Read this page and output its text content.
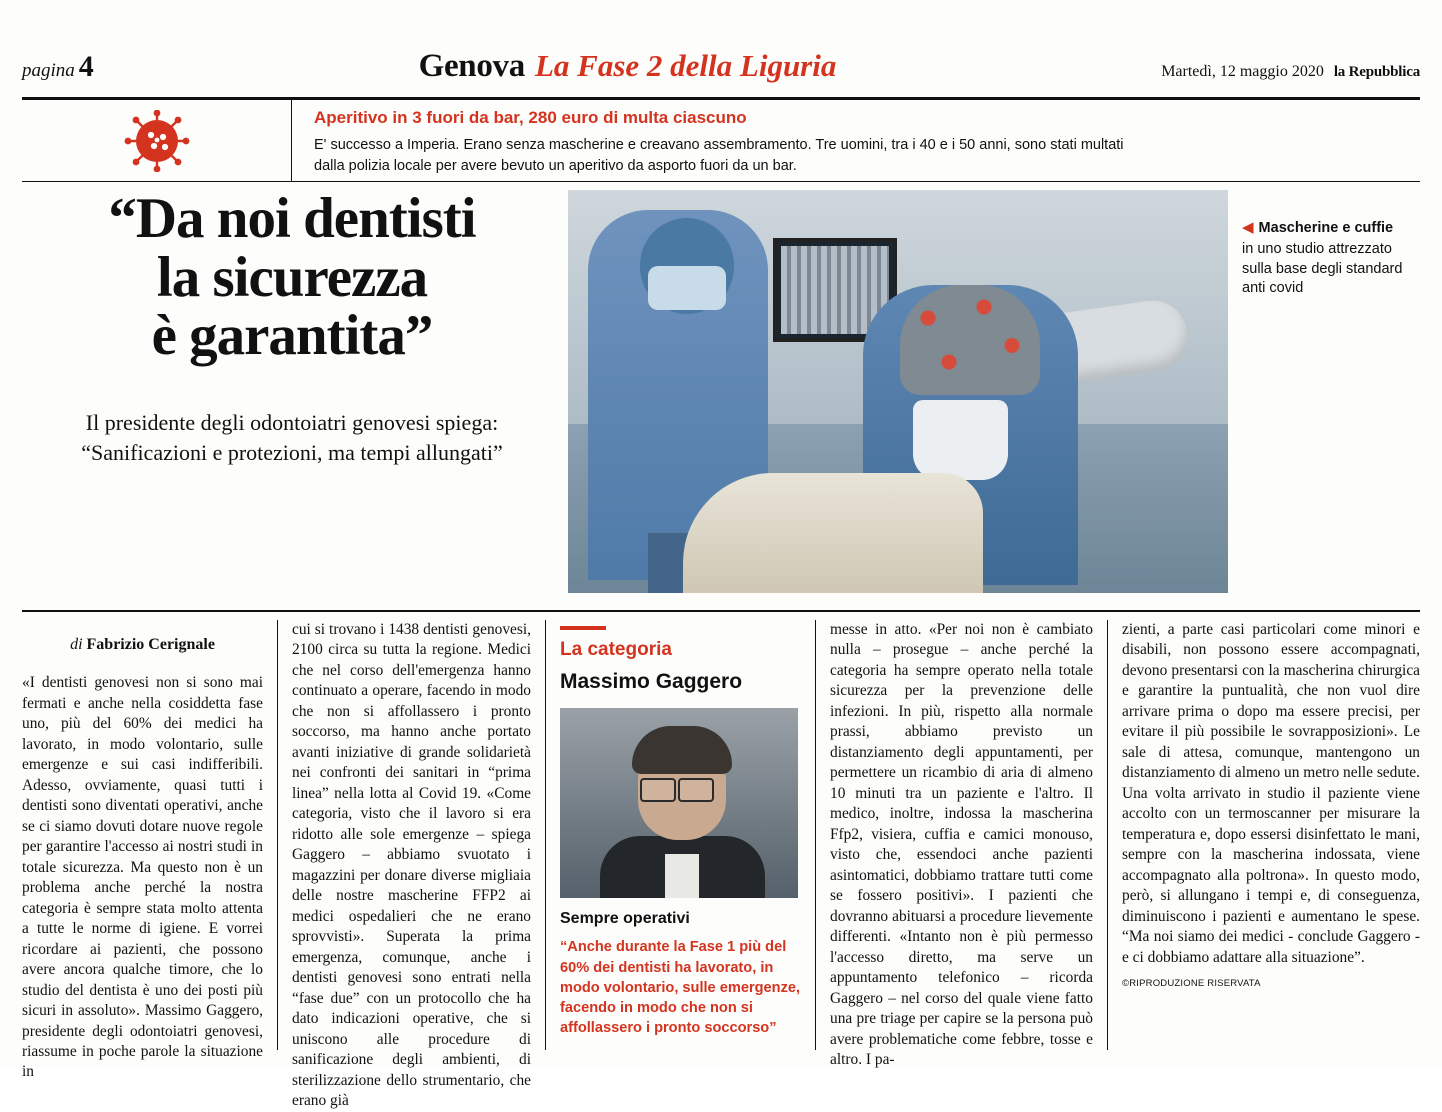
pagina 4	Genova La Fase 2 della Liguria	Martedì, 12 maggio 2020 la Repubblica
Aperitivo in 3 fuori da bar, 280 euro di multa ciascuno
E' successo a Imperia. Erano senza mascherine e creavano assembramento. Tre uomini, tra i 40 e i 50 anni, sono stati multati dalla polizia locale per avere bevuto un aperitivo da asporto fuori da un bar.
“Da noi dentisti
la sicurezza
è garantita”
Il presidente degli odontoiatri genovesi spiega:
“Sanificazioni e protezioni, ma tempi allungati”
◀ Mascherine e cuffie
in uno studio attrezzato sulla base degli standard anti covid
di Fabrizio Cerignale

«I dentisti genovesi non si sono mai fermati e anche nella cosiddetta fase uno, più del 60% dei medici ha lavorato, in modo volontario, sulle emergenze e sui casi indifferibili. Adesso, ovviamente, quasi tutti i dentisti sono diventati operativi, anche se ci siamo dovuti dotare nuove regole per garantire l'accesso ai nostri studi in totale sicurezza. Ma questo non è un problema anche perché la nostra categoria è sempre stata molto attenta a tutte le norme di igiene. E vorrei ricordare ai pazienti, che possono avere ancora qualche timore, che lo studio del dentista è uno dei posti più sicuri in assoluto». Massimo Gaggero, presidente degli odontoiatri genovesi, riassume in poche parole la situazione in

cui si trovano i 1438 dentisti genovesi, 2100 circa su tutta la regione. Medici che nel corso dell'emergenza hanno continuato a operare, facendo in modo che non si affollassero i pronto soccorso, ma hanno anche portato avanti iniziative di grande solidarietà nei confronti dei sanitari in “prima linea” nella lotta al Covid 19. «Come categoria, visto che il lavoro si era ridotto alle sole emergenze – spiega Gaggero – abbiamo svuotato i magazzini per donare diverse migliaia delle nostre mascherine FFP2 ai medici ospedalieri che ne erano sprovvisti». Superata la prima emergenza, comunque, anche i dentisti genovesi sono entrati nella “fase due” con un protocollo che ha dato indicazioni operative, che si uniscono alle procedure di sanificazione degli ambienti, di sterilizzazione dello strumentario, che erano già

La categoria
Massimo Gaggero
Sempre operativi
“Anche durante la Fase 1 più del 60% dei dentisti ha lavorato, in modo volontario, sulle emergenze, facendo in modo che non si affollassero i pronto soccorso”

messe in atto. «Per noi non è cambiato nulla – prosegue – anche perché la categoria ha sempre operato nella totale sicurezza per la prevenzione delle infezioni. In più, rispetto alla normale prassi, abbiamo previsto un distanziamento degli appuntamenti, per permettere un ricambio di aria di almeno 10 minuti tra un paziente e l'altro. Il medico, inoltre, indossa la mascherina Ffp2, visiera, cuffia e camici monouso, visto che, essendoci anche pazienti asintomatici, dobbiamo trattare tutti come se fossero positivi». I pazienti che dovranno abituarsi a procedure lievemente differenti. «Intanto non è più permesso l'accesso diretto, ma serve un appuntamento telefonico – ricorda Gaggero – nel corso del quale viene fatto una pre triage per capire se la persona può avere problematiche come febbre, tosse e altro. I pa-

zienti, a parte casi particolari come minori e disabili, non possono essere accompagnati, devono presentarsi con la mascherina chirurgica e garantire la puntualità, che non vuol dire arrivare prima o dopo ma essere precisi, per evitare il più possibile le sovrapposizioni». Le sale di attesa, comunque, mantengono un distanziamento di almeno un metro nelle sedute. Una volta arrivato in studio il paziente viene accolto con un termoscanner per misurare la temperatura e, dopo essersi disinfettato le mani, sempre con la mascherina indossata, viene accompagnato alla poltrona». In questo modo, però, si allungano i tempi e, di conseguenza, diminuiscono i pazienti e aumentano le spese. “Ma noi siamo dei medici - conclude Gaggero - e ci dobbiamo adattare alla situazione”.

©RIPRODUZIONE RISERVATA
